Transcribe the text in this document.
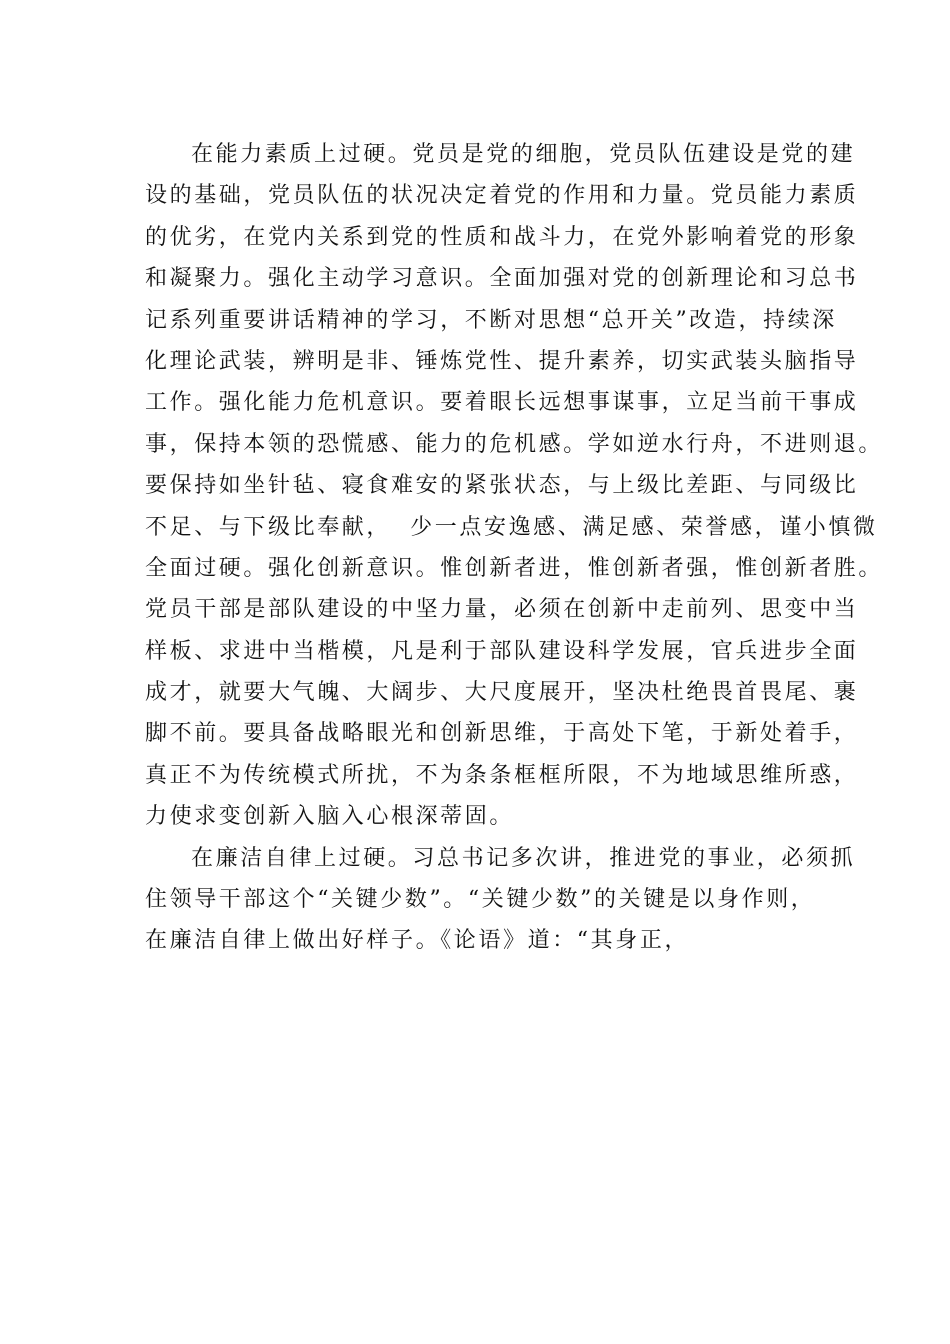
在能力素质上过硬。党员是党的细胞，党员队伍建设是党的建
设的基础，党员队伍的状况决定着党的作用和力量。党员能力素质
的优劣，在党内关系到党的性质和战斗力，在党外影响着党的形象
和凝聚力。强化主动学习意识。全面加强对党的创新理论和习总书
记系列重要讲话精神的学习，不断对思想“总开关”改造，持续深
化理论武装，辨明是非、锤炼党性、提升素养，切实武装头脑指导
工作。强化能力危机意识。要着眼长远想事谋事，立足当前干事成
事，保持本领的恐慌感、能力的危机感。学如逆水行舟，不进则退。
要保持如坐针毡、寝食难安的紧张状态，与上级比差距、与同级比
不足、与下级比奉献，  少一点安逸感、满足感、荣誉感，谨小慎微
全面过硬。强化创新意识。惟创新者进，惟创新者强，惟创新者胜。
党员干部是部队建设的中坚力量，必须在创新中走前列、思变中当
样板、求进中当楷模，凡是利于部队建设科学发展，官兵进步全面
成才，就要大气魄、大阔步、大尺度展开，坚决杜绝畏首畏尾、裹
脚不前。要具备战略眼光和创新思维，于高处下笔，于新处着手，
真正不为传统模式所扰，不为条条框框所限，不为地域思维所惑，
力使求变创新入脑入心根深蒂固。
在廉洁自律上过硬。习总书记多次讲，推进党的事业，必须抓
住领导干部这个“关键少数”。“关键少数”的关键是以身作则，
在廉洁自律上做出好样子。《论语》道：“其身正，
